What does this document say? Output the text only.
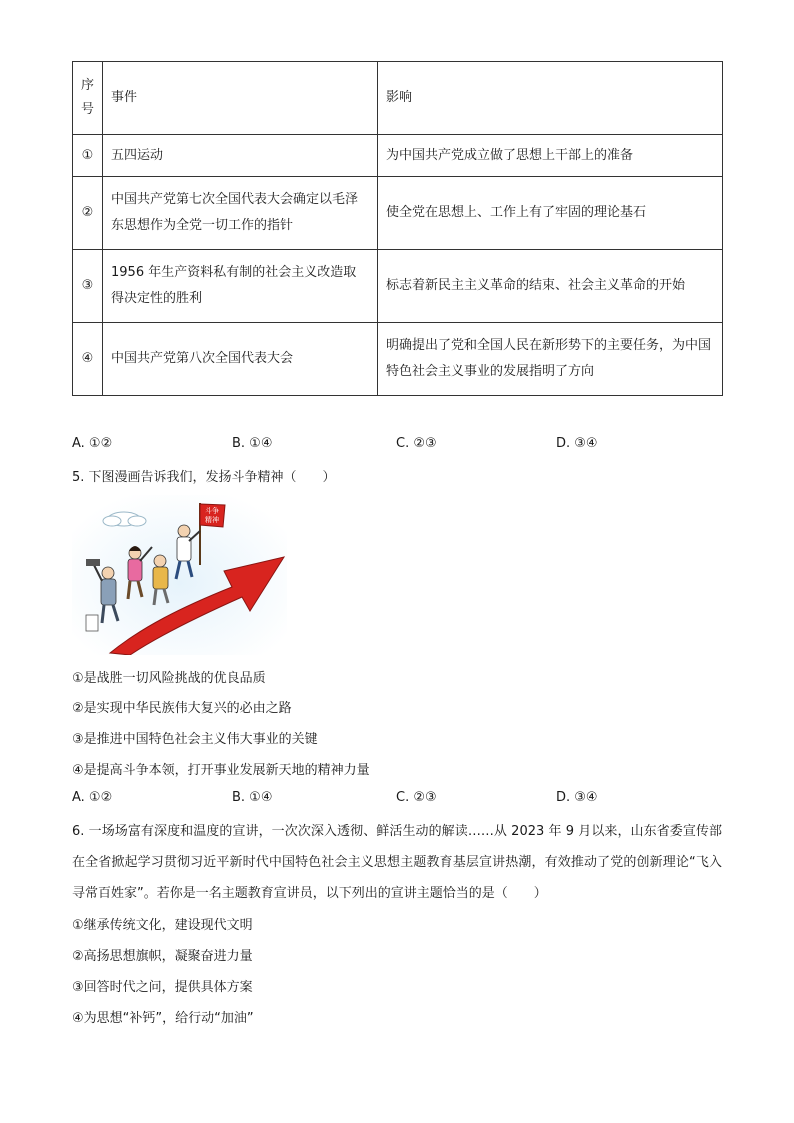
序
号	事件	影响
①	五四运动	为中国共产党成立做了思想上干部上的准备
②	中国共产党第七次全国代表大会确定以毛泽东思想作为全党一切工作的指针	使全党在思想上、工作上有了牢固的理论基石
③	1956 年生产资料私有制的社会主义改造取得决定性的胜利	标志着新民主主义革命的结束、社会主义革命的开始
④	中国共产党第八次全国代表大会	明确提出了党和全国人民在新形势下的主要任务，为中国特色社会主义事业的发展指明了方向
A. ①②	B. ①④	C. ②③	D. ③④
5. 下图漫画告诉我们，发扬斗争精神（　　）
斗争
精神
①是战胜一切风险挑战的优良品质
②是实现中华民族伟大复兴的必由之路
③是推进中国特色社会主义伟大事业的关键
④是提高斗争本领，打开事业发展新天地的精神力量
A. ①②	B. ①④	C. ②③	D. ③④
6. 一场场富有深度和温度的宣讲，一次次深入透彻、鲜活生动的解读……从 2023 年 9 月以来，山东省委宣传部在全省掀起学习贯彻习近平新时代中国特色社会主义思想主题教育基层宣讲热潮，有效推动了党的创新理论“飞入寻常百姓家”。若你是一名主题教育宣讲员，以下列出的宣讲主题恰当的是（　　）
①继承传统文化，建设现代文明
②高扬思想旗帜，凝聚奋进力量
③回答时代之问，提供具体方案
④为思想“补钙”，给行动“加油”
